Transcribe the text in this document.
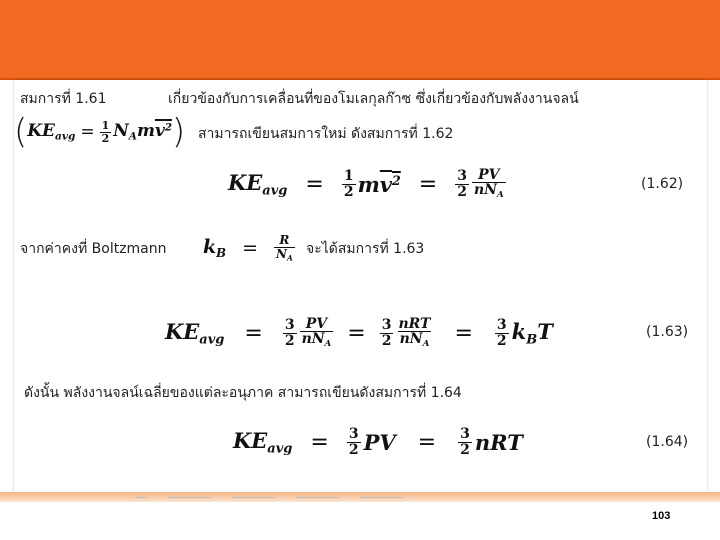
สมการที่ 1.61	เกี่ยวข้องกับการเคลื่อนที่ของโมเลกุลก๊าซ ซึ่งเกี่ยวข้องกับพลังงานจลน์
( $KE_{avg} = \frac{1}{2} N_Amv^2$ ) สามารถเขียนสมการใหม่ ดังสมการที่ 1.62
$KE_{avg} = \frac{1}{2} mv^2 = \frac{3}{2} \frac{PV}{nN_A}$	(1.62)
จากค่าคงที่ Boltzmann $k_B = \frac{R}{N_A}$ จะได้สมการที่ 1.63
$KE_{avg} = \frac{3}{2} \frac{PV}{nN_A} = \frac{3}{2} \frac{\text{nRT}}{nN_A} = \frac{3}{2} k_BT$	(1.63)
ดังนั้น พลังงานจลน์เฉลี่ยของแต่ละอนุภาค สามารถเขียนดังสมการที่ 1.64
$KE_{avg} = \frac{3}{2}$ PV = $\frac{3}{2}$ nRT	(1.64)
103
